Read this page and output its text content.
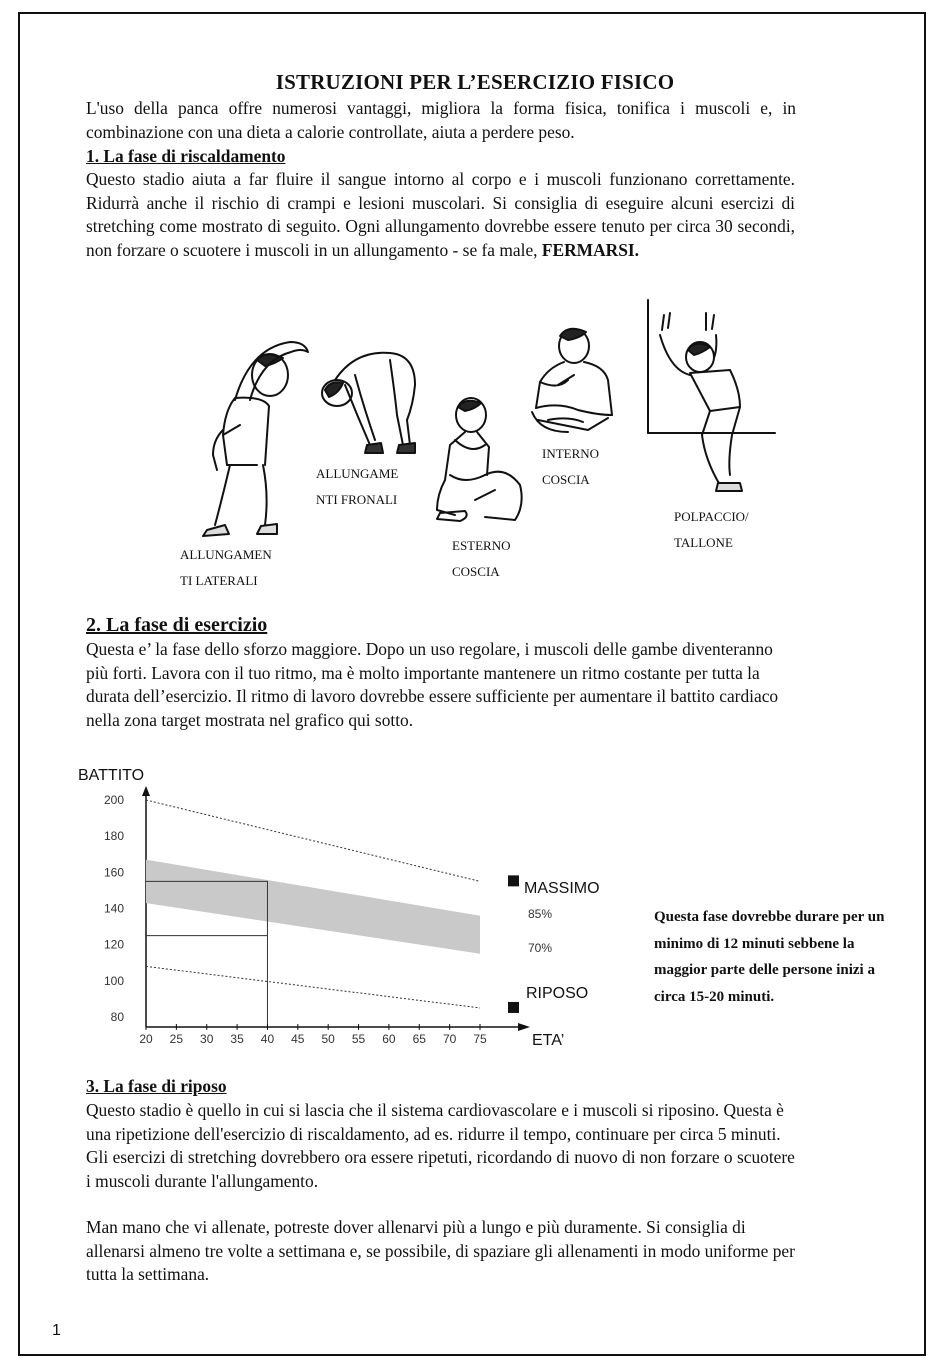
ISTRUZIONI PER L’ESERCIZIO FISICO
L'uso della panca offre numerosi vantaggi, migliora la forma fisica, tonifica i muscoli e, in combinazione con una dieta a calorie controllate, aiuta a perdere peso.
1. La fase di riscaldamento
Questo stadio aiuta a far fluire il sangue intorno al corpo e i muscoli funzionano correttamente. Ridurrà anche il rischio di crampi e lesioni muscolari. Si consiglia di eseguire alcuni esercizi di stretching come mostrato di seguito. Ogni allungamento dovrebbe essere tenuto per circa 30 secondi, non forzare o scuotere i muscoli in un allungamento - se fa male, FERMARSI.
ALLUNGAMEN
TI LATERALI
ALLUNGAME
NTI FRONALI
ESTERNO
COSCIA
INTERNO
COSCIA
POLPACCIO/
TALLONE
2. La fase di esercizio
Questa e’ la fase dello sforzo maggiore. Dopo un uso regolare, i muscoli delle gambe diventeranno più forti. Lavora con il tuo ritmo, ma è molto importante mantenere un ritmo costante per tutta la durata dell’esercizio. Il ritmo di lavoro dovrebbe essere sufficiente per aumentare il battito cardiaco nella zona target mostrata nel grafico qui sotto.
20 25 30 35 40 45 50 55 60 65 70 75
80
100
120
140
160
180
200
BATTITO
ETA’
MASSIMO
RIPOSO
85%
70%
Questa fase dovrebbe durare per un minimo di 12 minuti sebbene la maggior parte delle persone inizi a circa 15-20 minuti.
3. La fase di riposo
Questo stadio è quello in cui si lascia che il sistema cardiovascolare e i muscoli si riposino. Questa è una ripetizione dell'esercizio di riscaldamento, ad es. ridurre il tempo, continuare per circa 5 minuti. Gli esercizi di stretching dovrebbero ora essere ripetuti, ricordando di nuovo di non forzare o scuotere i muscoli durante l'allungamento.
Man mano che vi allenate, potreste dover allenarvi più a lungo e più duramente. Si consiglia di allenarsi almeno tre volte a settimana e, se possibile, di spaziare gli allenamenti in modo uniforme per tutta la settimana.
1
